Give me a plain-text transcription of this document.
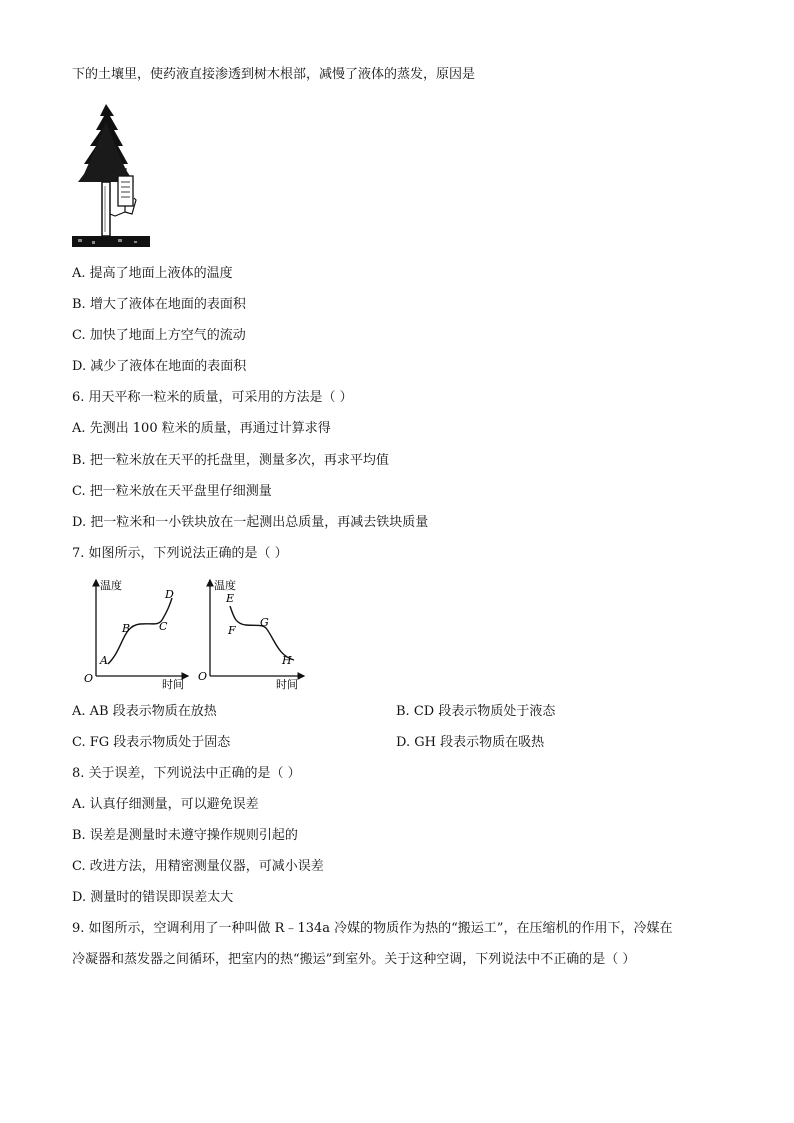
下的土壤里，使药液直接渗透到树木根部，减慢了液体的蒸发，原因是
A. 提高了地面上液体的温度
B. 增大了液体在地面的表面积
C. 加快了地面上方空气的流动
D. 减少了液体在地面的表面积
6. 用天平称一粒米的质量，可采用的方法是（ ）
A. 先测出 100 粒米的质量，再通过计算求得
B. 把一粒米放在天平的托盘里，测量多次，再求平均值
C. 把一粒米放在天平盘里仔细测量
D. 把一粒米和一小铁块放在一起测出总质量，再减去铁块质量
7. 如图所示，下列说法正确的是（ ）
温度
时间
O
A
B	C
D
温度
时间
O
E
F
G
H
A. AB 段表示物质在放热	B. CD 段表示物质处于液态
C. FG 段表示物质处于固态	D. GH 段表示物质在吸热
8. 关于误差，下列说法中正确的是（ ）
A. 认真仔细测量，可以避免误差
B. 误差是测量时未遵守操作规则引起的
C. 改进方法，用精密测量仪器，可减小误差
D. 测量时的错误即误差太大
9. 如图所示，空调利用了一种叫做 R﹣134a 冷媒的物质作为热的“搬运工”，在压缩机的作用下，冷媒在
冷凝器和蒸发器之间循环，把室内的热“搬运”到室外。关于这种空调，下列说法中不正确的是（ ）
